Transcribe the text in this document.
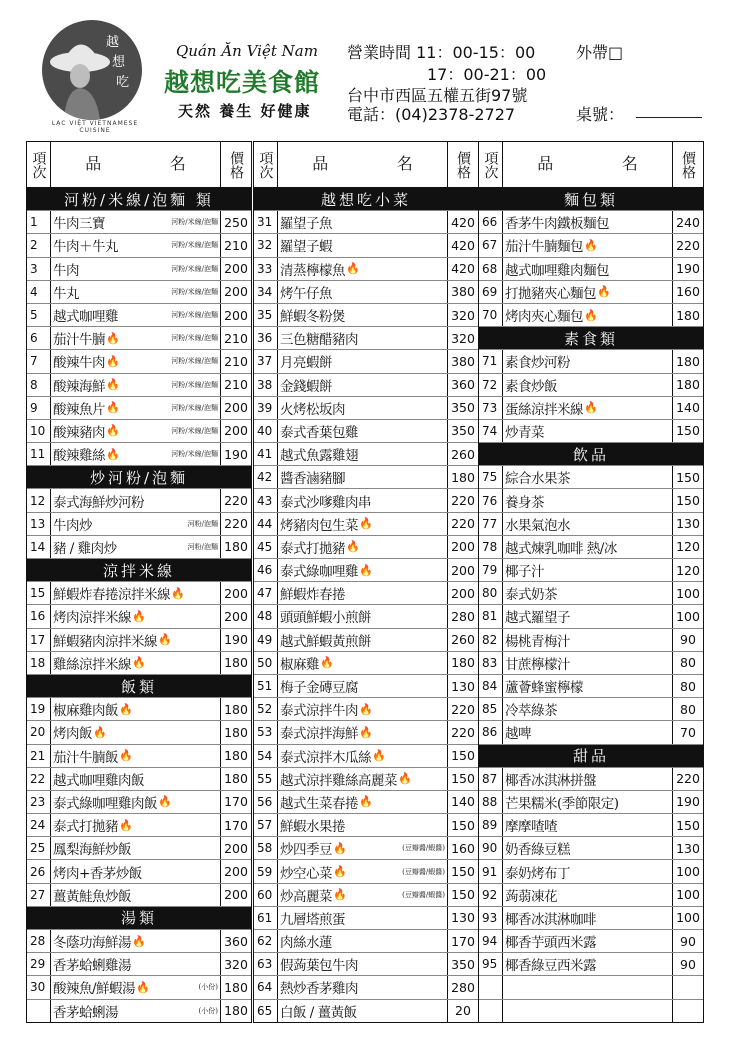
越
想
吃
LẠC VIỆT VIETNAMESE CUISINE
Quán Ăn Việt Nam
越想吃美食館
天然 養生 好健康
營業時間 11：00-15：00
17：00-21：00
台中市西區五權五街97號
電話：(04)2378-2727
外帶□
桌號：
項次 品	名	價格
河粉/米線/泡麵 類
1	牛肉三寶	河粉/米線/泡麵 250
2	牛肉＋牛丸	河粉/米線/泡麵 210
3	牛肉	河粉/米線/泡麵 200
4	牛丸	河粉/米線/泡麵 200
5	越式咖哩雞	河粉/米線/泡麵 200
6	茄汁牛腩 🔥	河粉/米線/泡麵 210
7	酸辣牛肉 🔥	河粉/米線/泡麵 210
8	酸辣海鮮 🔥	河粉/米線/泡麵 210
9	酸辣魚片 🔥	河粉/米線/泡麵 200
10 酸辣豬肉 🔥	河粉/米線/泡麵 200
11 酸辣雞絲 🔥	河粉/米線/泡麵 190
炒河粉/泡麵
12 泰式海鮮炒河粉	220
13 牛肉炒	河粉/泡麵 220
14 豬 / 雞肉炒	河粉/泡麵 180
涼拌米線
15 鮮蝦炸春捲涼拌米線 🔥	200
16 烤肉涼拌米線 🔥	200
17 鮮蝦豬肉涼拌米線 🔥	190
18 雞絲涼拌米線 🔥	180
飯類
19 椒麻雞肉飯 🔥	180
20 烤肉飯 🔥	180
21 茄汁牛腩飯 🔥	180
22 越式咖哩雞肉飯	180
23 泰式綠咖哩雞肉飯 🔥	170
24 泰式打拋豬 🔥	170
25 鳳梨海鮮炒飯	200
26 烤肉+香茅炒飯	200
27 薑黃鮭魚炒飯	200
湯類
28 冬蔭功海鮮湯 🔥	360
29 香茅蛤蜊雞湯	320
30 酸辣魚/鮮蝦湯 🔥	(小份) 180
香茅蛤蜊湯	(小份) 180
項次 品	名	價格
越想吃小菜
31 羅望子魚	420
32 羅望子蝦	420
33 清蒸檸檬魚 🔥	420
34 烤午仔魚	380
35 鮮蝦冬粉煲	320
36 三色糖醋豬肉	320
37 月亮蝦餅	380
38 金錢蝦餅	360
39 火烤松坂肉	350
40 泰式香葉包雞	350
41 越式魚露雞翅	260
42 醬香滷豬腳	180
43 泰式沙嗲雞肉串	220
44 烤豬肉包生菜 🔥	220
45 泰式打拋豬 🔥	200
46 泰式綠咖哩雞 🔥	200
47 鮮蝦炸春捲	200
48 頭頭鮮蝦小煎餅	280
49 越式鮮蝦黃煎餅	260
50 椒麻雞 🔥	180
51 梅子金磚豆腐	130
52 泰式涼拌牛肉 🔥	220
53 泰式涼拌海鮮 🔥	220
54 泰式涼拌木瓜絲 🔥	150
55 越式涼拌雞絲高麗菜 🔥	150
56 越式生菜春捲 🔥	140
57 鮮蝦水果捲	150
58 炒四季豆 🔥	(豆瓣醬/蝦醬) 160
59 炒空心菜 🔥	(豆瓣醬/蝦醬) 150
60 炒高麗菜 🔥	(豆瓣醬/蝦醬) 150
61 九層塔煎蛋	130
62 肉絲水蓮	170
63 假蒟葉包牛肉	350
64 熱炒香茅雞肉	280
65 白飯 / 薑黃飯	20
項次 品	名	價格
麵包類
66 香茅牛肉鐵板麵包	240
67 茄汁牛腩麵包 🔥	220
68 越式咖哩雞肉麵包	190
69 打拋豬夾心麵包 🔥	160
70 烤肉夾心麵包 🔥	180
素食類
71 素食炒河粉	180
72 素食炒飯	180
73 蛋絲涼拌米線 🔥	140
74 炒青菜	150
飲品
75 綜合水果茶	150
76 養身茶	150
77 水果氣泡水	130
78 越式煉乳咖啡 熱/冰	120
79 椰子汁	120
80 泰式奶茶	100
81 越式羅望子	100
82 楊桃青梅汁	90
83 甘蔗檸檬汁	80
84 蘆薈蜂蜜檸檬	80
85 冷萃綠茶	80
86 越啤	70
甜品
87 椰香冰淇淋拼盤	220
88 芒果糯米(季節限定)	190
89 摩摩喳喳	150
90 奶香綠豆糕	130
91 泰奶烤布丁	100
92 蒟蒻凍花	100
93 椰香冰淇淋咖啡	100
94 椰香芋頭西米露	90
95 椰香綠豆西米露	90
